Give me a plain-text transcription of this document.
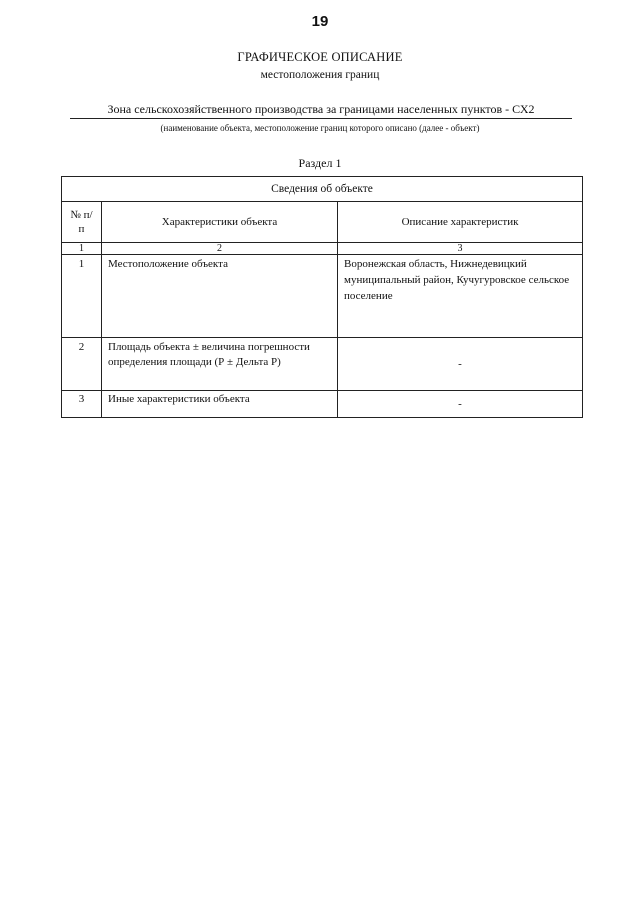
19
ГРАФИЧЕСКОЕ ОПИСАНИЕ
местоположения границ
Зона сельскохозяйственного производства за границами населенных пунктов - СХ2
(наименование объекта, местоположение границ которого описано (далее - объект)
Раздел 1
Сведения об объекте		
№ п/п	Характеристики объекта	Описание характеристик
1	2	3
1	Местоположение объекта	Воронежская область, Нижнедевицкий муниципальный район, Кучугуровское сельское поселение
2	Площадь объекта ± величина погрешности определения площади (Р ± Дельта Р)	-
3	Иные характеристики объекта	-
